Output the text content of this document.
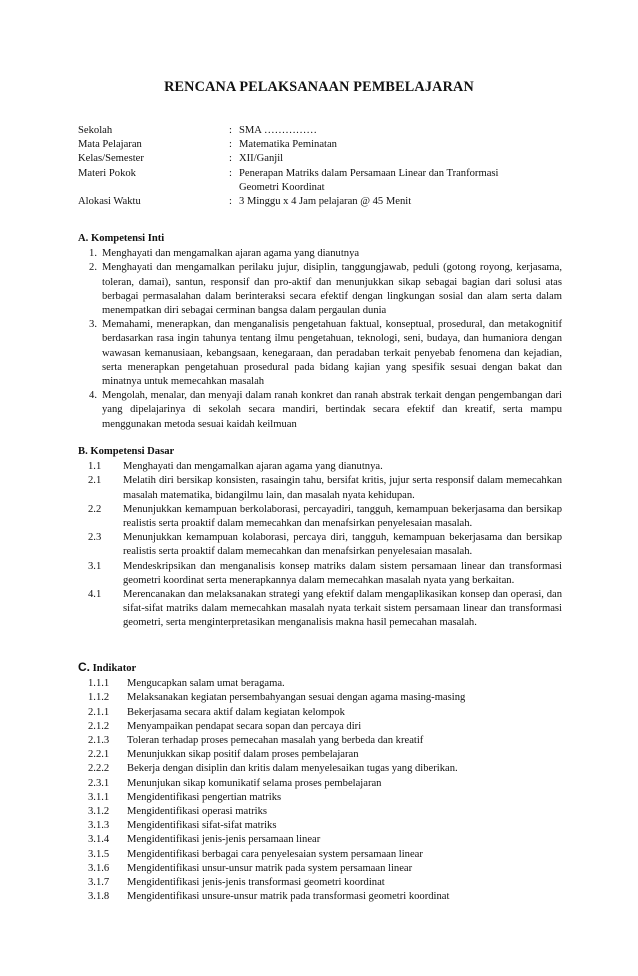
RENCANA PELAKSANAAN PEMBELAJARAN
Sekolah	: SMA ……………
Mata Pelajaran	: Matematika Peminatan
Kelas/Semester	: XII/Ganjil
Materi Pokok	: Penerapan Matriks dalam Persamaan Linear dan Tranformasi Geometri Koordinat
Alokasi Waktu	: 3 Minggu x 4 Jam pelajaran @ 45 Menit
A. Kompetensi Inti
1. Menghayati dan mengamalkan ajaran agama yang dianutnya
2. Menghayati dan mengamalkan perilaku jujur, disiplin, tanggungjawab, peduli (gotong royong, kerjasama, toleran, damai), santun, responsif dan pro-aktif dan menunjukkan sikap sebagai bagian dari solusi atas berbagai permasalahan dalam berinteraksi secara efektif dengan lingkungan sosial dan alam serta dalam menempatkan diri sebagai cerminan bangsa dalam pergaulan dunia
3. Memahami, menerapkan, dan menganalisis pengetahuan faktual, konseptual, prosedural, dan metakognitif berdasarkan rasa ingin tahunya tentang ilmu pengetahuan, teknologi, seni, budaya, dan humaniora dengan wawasan kemanusiaan, kebangsaan, kenegaraan, dan peradaban terkait penyebab fenomena dan kejadian, serta menerapkan pengetahuan prosedural pada bidang kajian yang spesifik sesuai dengan bakat dan minatnya untuk memecahkan masalah
4. Mengolah, menalar, dan menyaji dalam ranah konkret dan ranah abstrak terkait dengan pengembangan dari yang dipelajarinya di sekolah secara mandiri, bertindak secara efektif dan kreatif, serta mampu menggunakan metoda sesuai kaidah keilmuan
B. Kompetensi Dasar
1.1	Menghayati dan mengamalkan ajaran agama yang dianutnya.
2.1	Melatih diri bersikap konsisten, rasaingin tahu, bersifat kritis, jujur serta responsif dalam memecahkan masalah matematika, bidangilmu lain, dan masalah nyata kehidupan.
2.2	Menunjukkan kemampuan berkolaborasi, percayadiri, tangguh, kemampuan bekerjasama dan bersikap realistis serta proaktif dalam memecahkan dan menafsirkan penyelesaian masalah.
2.3	Menunjukkan kemampuan kolaborasi, percaya diri, tangguh, kemampuan bekerjasama dan bersikap realistis serta proaktif dalam memecahkan dan menafsirkan penyelesaian masalah.
3.1	Mendeskripsikan dan menganalisis konsep matriks dalam sistem persamaan linear dan transformasi geometri koordinat serta menerapkannya dalam memecahkan masalah nyata yang berkaitan.
4.1	Merencanakan dan melaksanakan strategi yang efektif dalam mengaplikasikan konsep dan operasi, dan sifat-sifat matriks dalam memecahkan masalah nyata terkait sistem persamaan linear dan transformasi geometri, serta menginterpretasikan menganalisis makna hasil pemecahan masalah.
C. Indikator
1.1.1	Mengucapkan salam umat beragama.
1.1.2	Melaksanakan kegiatan persembahyangan sesuai dengan agama masing-masing
2.1.1	Bekerjasama secara aktif dalam kegiatan kelompok
2.1.2	Menyampaikan pendapat secara sopan dan percaya diri
2.1.3	Toleran terhadap proses pemecahan masalah yang berbeda dan kreatif
2.2.1	Menunjukkan sikap positif dalam proses pembelajaran
2.2.2	Bekerja dengan disiplin dan kritis dalam menyelesaikan tugas yang diberikan.
2.3.1	Menunjukan sikap komunikatif selama proses pembelajaran
3.1.1	Mengidentifikasi pengertian matriks
3.1.2	Mengidentifikasi operasi matriks
3.1.3	Mengidentifikasi sifat-sifat matriks
3.1.4	Mengidentifikasi jenis-jenis persamaan linear
3.1.5	Mengidentifikasi berbagai cara penyelesaian system persamaan linear
3.1.6	Mengidentifikasi unsur-unsur matrik pada system persamaan linear
3.1.7	Mengidentifikasi jenis-jenis transformasi geometri koordinat
3.1.8	Mengidentifikasi unsure-unsur matrik pada transformasi geometri koordinat
